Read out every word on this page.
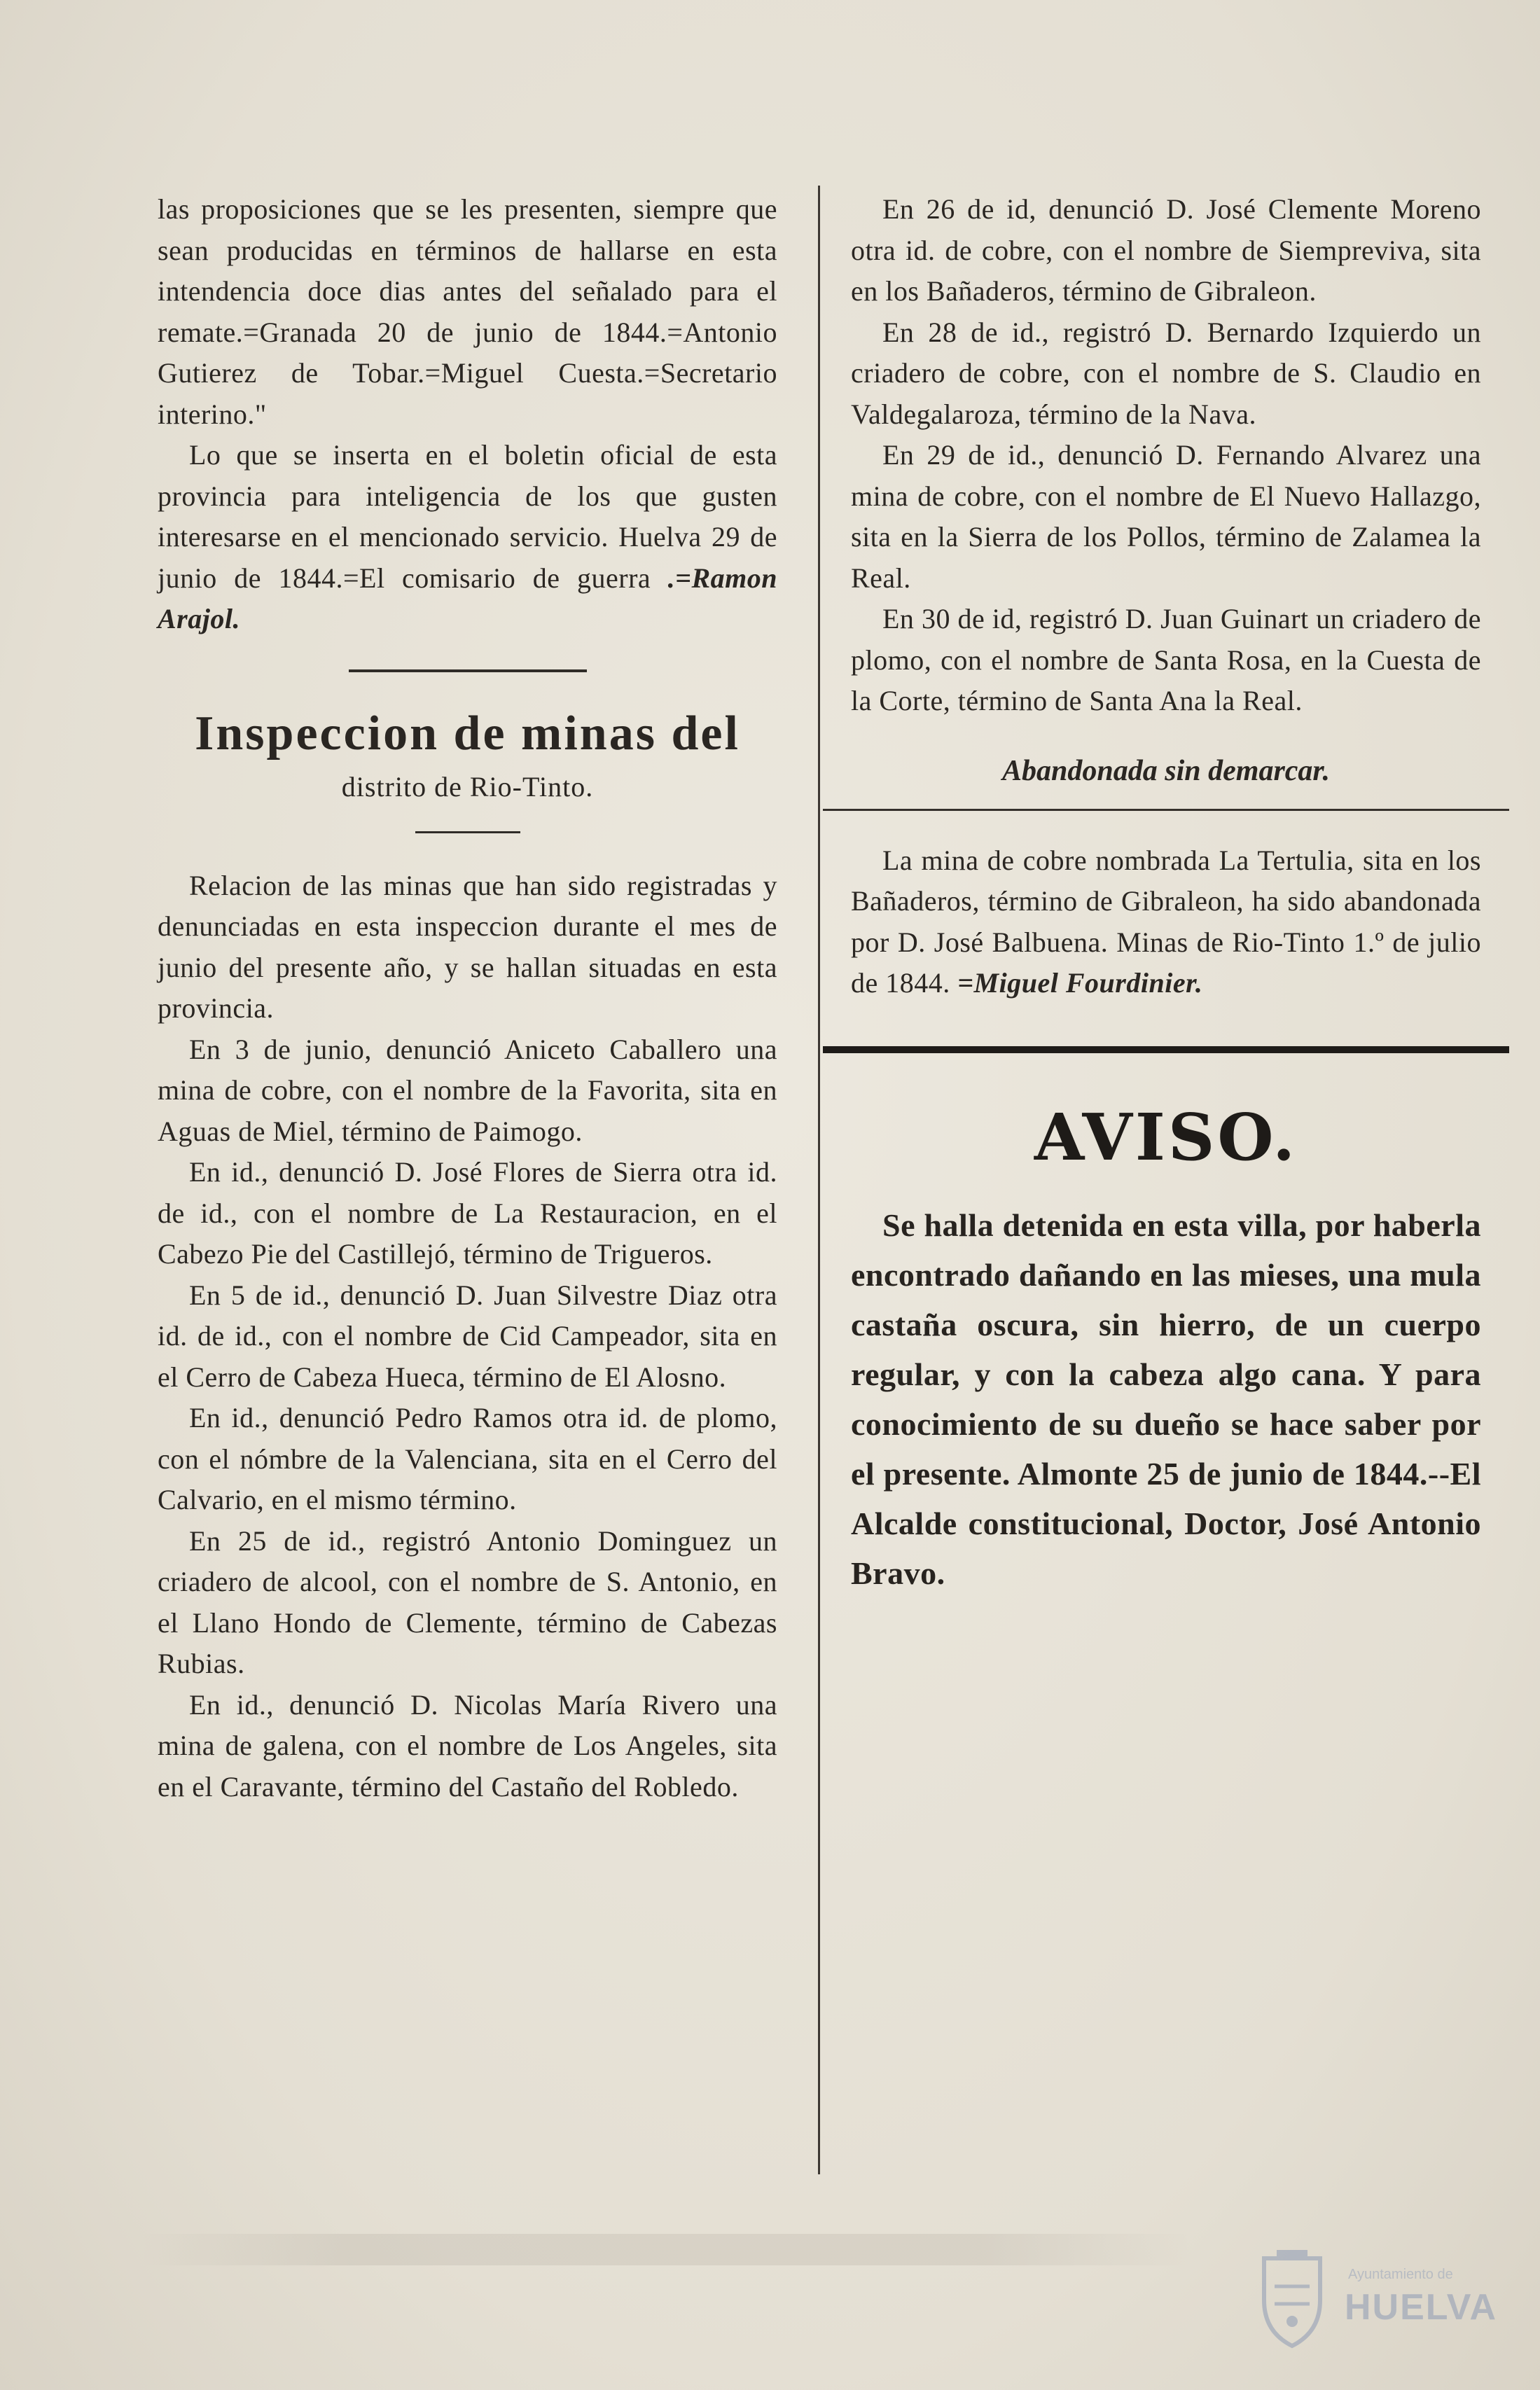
las proposiciones que se les presenten, siempre que sean producidas en términos de hallarse en esta intendencia doce dias antes del señalado para el remate.=Granada 20 de junio de 1844.=Antonio Gutierez de Tobar.=Miguel Cuesta.=Secretario interino."

Lo que se inserta en el boletin oficial de esta provincia para inteligencia de los que gusten interesarse en el mencionado servicio. Huelva 29 de junio de 1844.=El comisario de guerra .=Ramon Arajol.

Inspeccion de minas del
distrito de Rio-Tinto.

Relacion de las minas que han sido registradas y denunciadas en esta inspeccion durante el mes de junio del presente año, y se hallan situadas en esta provincia.

En 3 de junio, denunció Aniceto Caballero una mina de cobre, con el nombre de la Favorita, sita en Aguas de Miel, término de Paimogo.

En id., denunció D. José Flores de Sierra otra id. de id., con el nombre de La Restauracion, en el Cabezo Pie del Castillejó, término de Trigueros.

En 5 de id., denunció D. Juan Silvestre Diaz otra id. de id., con el nombre de Cid Campeador, sita en el Cerro de Cabeza Hueca, término de El Alosno.

En id., denunció Pedro Ramos otra id. de plomo, con el nómbre de la Valenciana, sita en el Cerro del Calvario, en el mismo término.

En 25 de id., registró Antonio Dominguez un criadero de alcool, con el nombre de S. Antonio, en el Llano Hondo de Clemente, término de Cabezas Rubias.

En id., denunció D. Nicolas María Rivero una mina de galena, con el nombre de Los Angeles, sita en el Caravante, término del Castaño del Robledo.

En 26 de id, denunció D. José Clemente Moreno otra id. de cobre, con el nombre de Siempreviva, sita en los Bañaderos, término de Gibraleon.

En 28 de id., registró D. Bernardo Izquierdo un criadero de cobre, con el nombre de S. Claudio en Valdegalaroza, término de la Nava.

En 29 de id., denunció D. Fernando Alvarez una mina de cobre, con el nombre de El Nuevo Hallazgo, sita en la Sierra de los Pollos, término de Zalamea la Real.

En 30 de id, registró D. Juan Guinart un criadero de plomo, con el nombre de Santa Rosa, en la Cuesta de la Corte, término de Santa Ana la Real.

Abandonada sin demarcar.

La mina de cobre nombrada La Tertulia, sita en los Bañaderos, término de Gibraleon, ha sido abandonada por D. José Balbuena. Minas de Rio-Tinto 1.º de julio de 1844. =Miguel Fourdinier.

AVISO.

Se halla detenida en esta villa, por haberla encontrado dañando en las mieses, una mula castaña oscura, sin hierro, de un cuerpo regular, y con la cabeza algo cana. Y para conocimiento de su dueño se hace saber por el presente. Almonte 25 de junio de 1844.--El Alcalde constitucional, Doctor, José Antonio Bravo.

Ayuntamiento de
HUELVA
